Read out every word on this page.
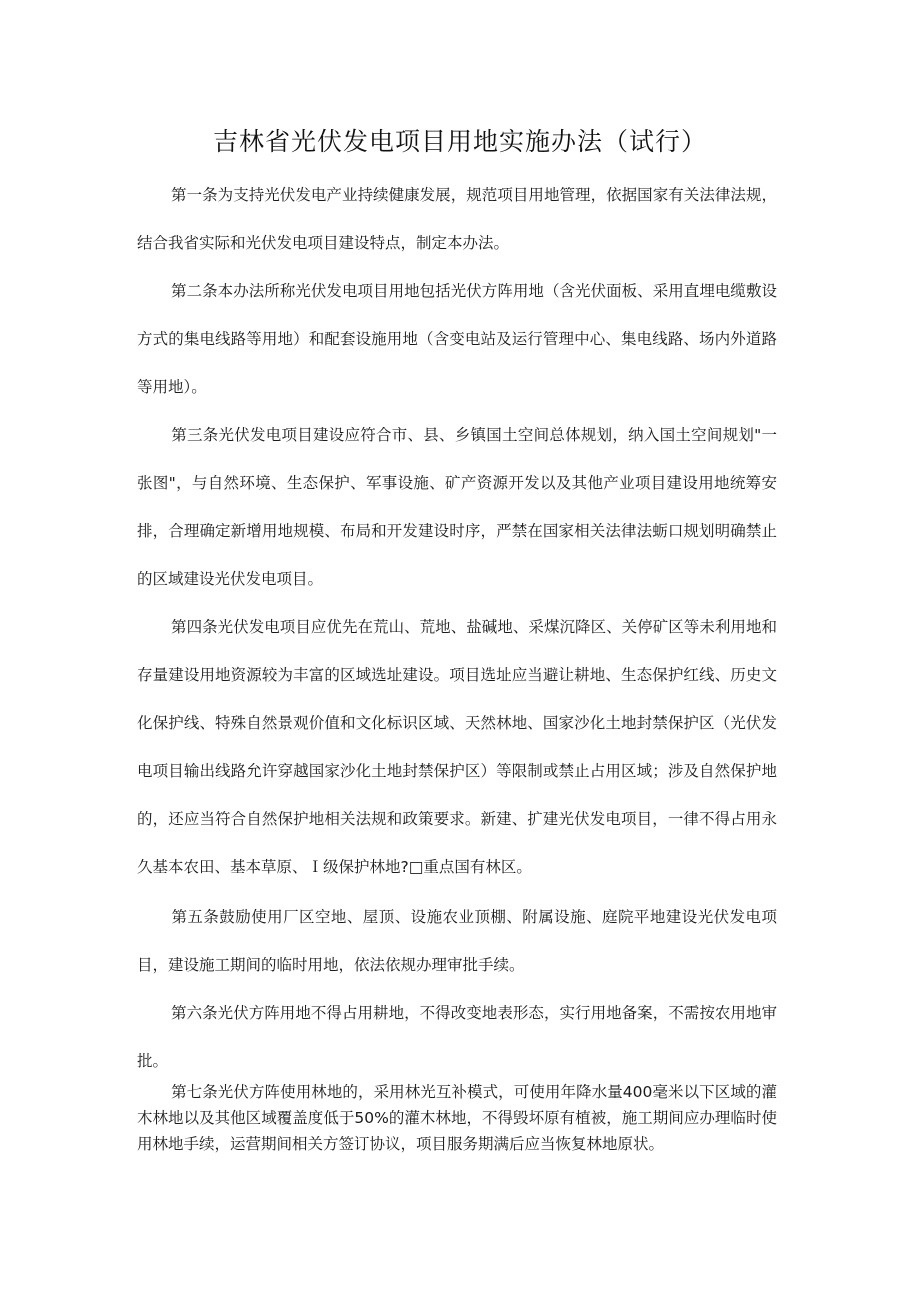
吉林省光伏发电项目用地实施办法（试行）
第一条为支持光伏发电产业持续健康发展，规范项目用地管理，依据国家有关法律法规，结合我省实际和光伏发电项目建设特点，制定本办法。
第二条本办法所称光伏发电项目用地包括光伏方阵用地（含光伏面板、采用直埋电缆敷设方式的集电线路等用地）和配套设施用地（含变电站及运行管理中心、集电线路、场内外道路等用地）。
第三条光伏发电项目建设应符合市、县、乡镇国土空间总体规划，纳入国土空间规划"一张图"，与自然环境、生态保护、军事设施、矿产资源开发以及其他产业项目建设用地统筹安排，合理确定新增用地规模、布局和开发建设时序，严禁在国家相关法律法蛎口规划明确禁止的区域建设光伏发电项目。
第四条光伏发电项目应优先在荒山、荒地、盐碱地、采煤沉降区、关停矿区等未利用地和存量建设用地资源较为丰富的区域选址建设。项目选址应当避让耕地、生态保护红线、历史文化保护线、特殊自然景观价值和文化标识区域、天然林地、国家沙化土地封禁保护区（光伏发电项目输出线路允许穿越国家沙化土地封禁保护区）等限制或禁止占用区域；涉及自然保护地的，还应当符合自然保护地相关法规和政策要求。新建、扩建光伏发电项目，一律不得占用永久基本农田、基本草原、Ｉ级保护林地?□重点国有林区。
第五条鼓励使用厂区空地、屋顶、设施农业顶棚、附属设施、庭院平地建设光伏发电项目，建设施工期间的临时用地，依法依规办理审批手续。
第六条光伏方阵用地不得占用耕地，不得改变地表形态，实行用地备案，不需按农用地审批。
第七条光伏方阵使用林地的，采用林光互补模式，可使用年降水量400毫米以下区域的灌木林地以及其他区域覆盖度低于50%的灌木林地，不得毁坏原有植被，施工期间应办理临时使用林地手续，运营期间相关方签订协议，项目服务期满后应当恢复林地原状。
